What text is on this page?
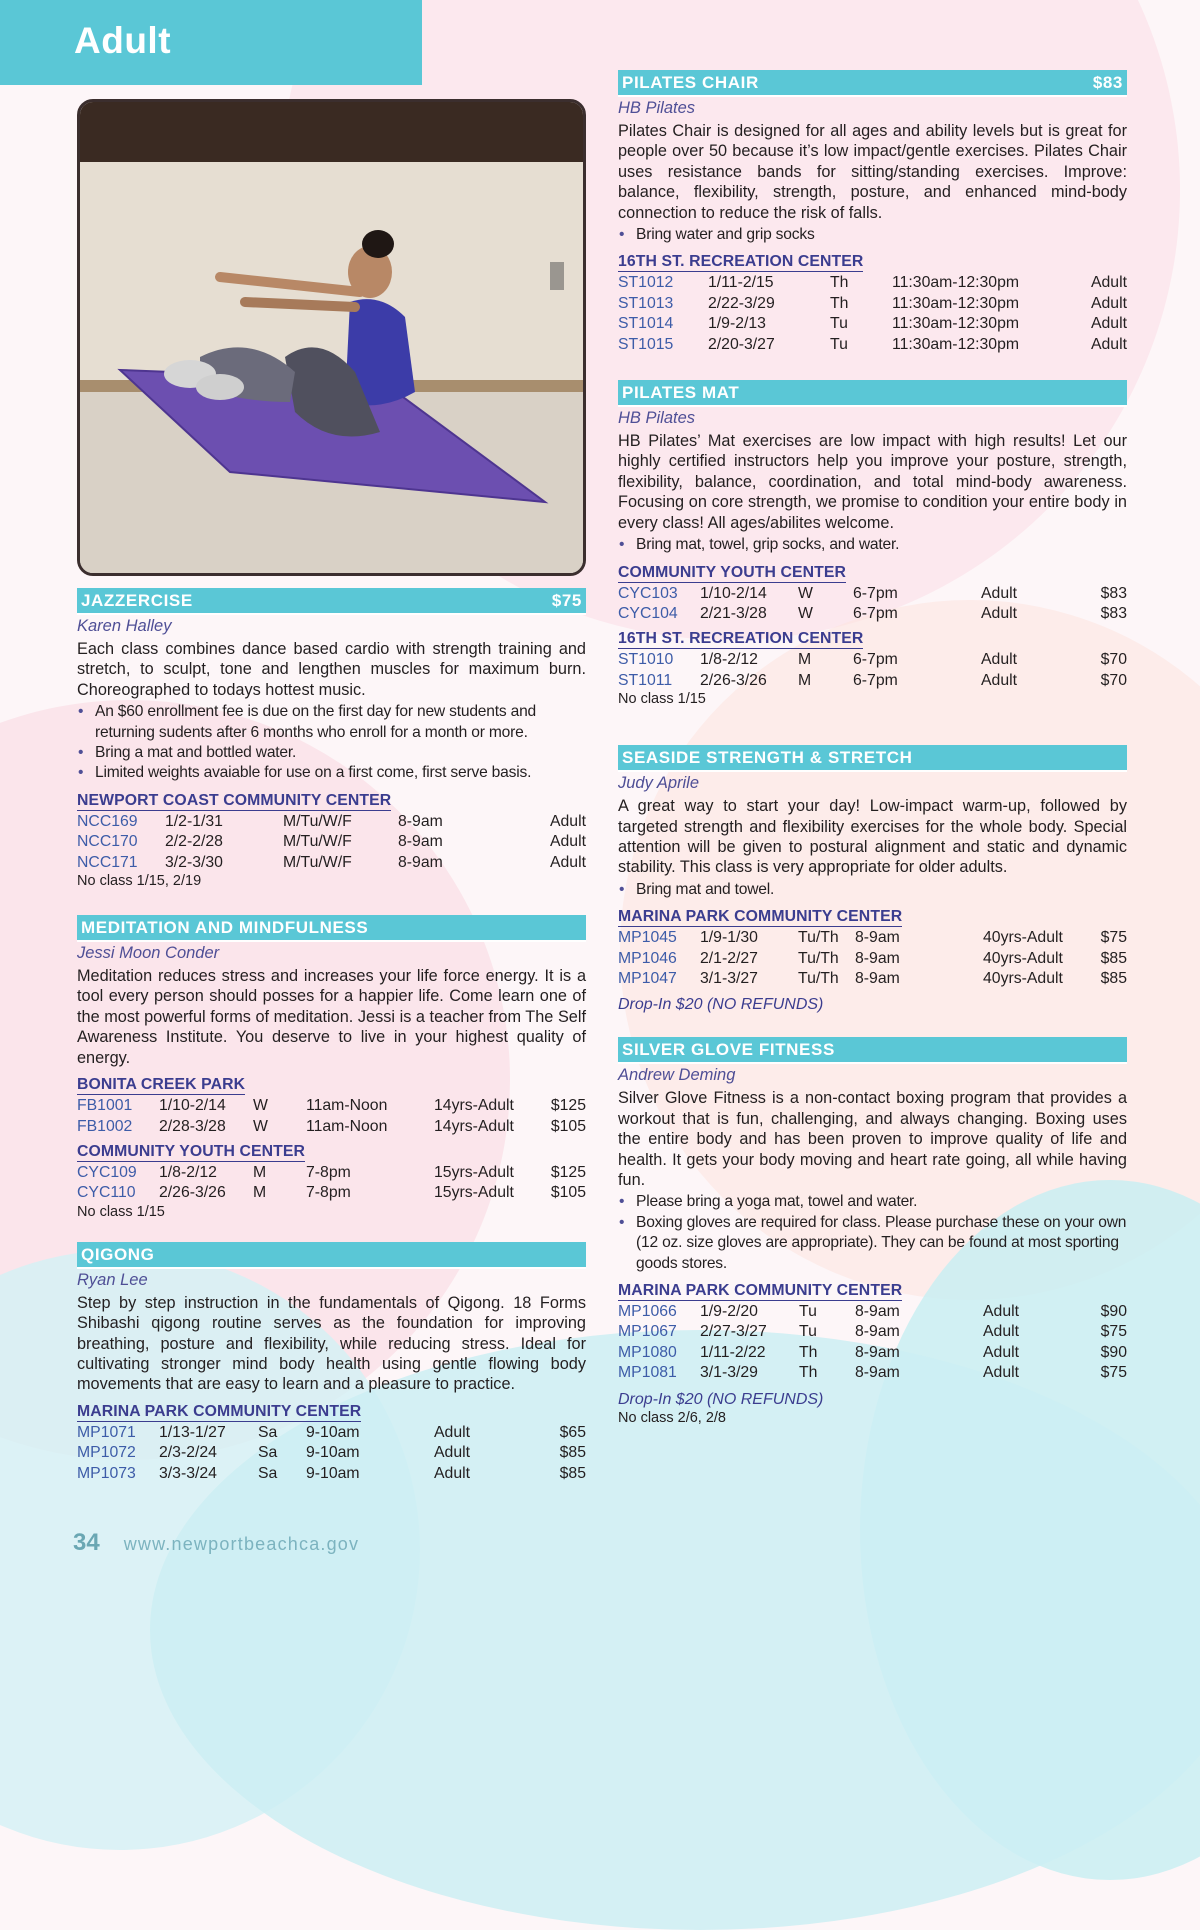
Adult
JAZZERCISE	$75
Karen Halley
Each class combines dance based cardio with strength training and stretch, to sculpt, tone and lengthen muscles for maximum burn. Choreographed to todays hottest music.
• An $60 enrollment fee is due on the first day for new students and returning sudents after 6 months who enroll for a month or more.
• Bring a mat and bottled water.
• Limited weights avaiable for use on a first come, first serve basis.
NEWPORT COAST COMMUNITY CENTER
NCC169	1/2-1/31	M/Tu/W/F	8-9am	Adult
NCC170	2/2-2/28	M/Tu/W/F	8-9am	Adult
NCC171	3/2-3/30	M/Tu/W/F	8-9am	Adult
No class 1/15, 2/19
MEDITATION AND MINDFULNESS
Jessi Moon Conder
Meditation reduces stress and increases your life force energy. It is a tool every person should posses for a happier life. Come learn one of the most powerful forms of meditation. Jessi is a teacher from The Self Awareness Institute. You deserve to live in your highest quality of energy.
BONITA CREEK PARK
FB1001	1/10-2/14	W	11am-Noon	14yrs-Adult	$125
FB1002	2/28-3/28	W	11am-Noon	14yrs-Adult	$105
COMMUNITY YOUTH CENTER
CYC109	1/8-2/12	M	7-8pm	15yrs-Adult	$125
CYC110	2/26-3/26	M	7-8pm	15yrs-Adult	$105
No class 1/15
QIGONG
Ryan Lee
Step by step instruction in the fundamentals of Qigong. 18 Forms Shibashi qigong routine serves as the foundation for improving breathing, posture and flexibility, while reducing stress. Ideal for cultivating stronger mind body health using gentle flowing body movements that are easy to learn and a pleasure to practice.
MARINA PARK COMMUNITY CENTER
MP1071	1/13-1/27	Sa	9-10am	Adult	$65
MP1072	2/3-2/24	Sa	9-10am	Adult	$85
MP1073	3/3-3/24	Sa	9-10am	Adult	$85
PILATES CHAIR	$83
HB Pilates
Pilates Chair is designed for all ages and ability levels but is great for people over 50 because it’s low impact/gentle exercises. Pilates Chair uses resistance bands for sitting/standing exercises. Improve: balance, flexibility, strength, posture, and enhanced mind-body connection to reduce the risk of falls.
• Bring water and grip socks
16TH ST. RECREATION CENTER
ST1012	1/11-2/15	Th	11:30am-12:30pm	Adult
ST1013	2/22-3/29	Th	11:30am-12:30pm	Adult
ST1014	1/9-2/13	Tu	11:30am-12:30pm	Adult
ST1015	2/20-3/27	Tu	11:30am-12:30pm	Adult
PILATES MAT
HB Pilates
HB Pilates’ Mat exercises are low impact with high results! Let our highly certified instructors help you improve your posture, strength, flexibility, balance, coordination, and total mind-body awareness. Focusing on core strength, we promise to condition your entire body in every class! All ages/abilites welcome.
• Bring mat, towel, grip socks, and water.
COMMUNITY YOUTH CENTER
CYC103	1/10-2/14	W	6-7pm	Adult	$83
CYC104	2/21-3/28	W	6-7pm	Adult	$83
16TH ST. RECREATION CENTER
ST1010	1/8-2/12	M	6-7pm	Adult	$70
ST1011	2/26-3/26	M	6-7pm	Adult	$70
No class 1/15
SEASIDE STRENGTH & STRETCH
Judy Aprile
A great way to start your day! Low-impact warm-up, followed by targeted strength and flexibility exercises for the whole body. Special attention will be given to postural alignment and static and dynamic stability. This class is very appropriate for older adults.
• Bring mat and towel.
MARINA PARK COMMUNITY CENTER
MP1045	1/9-1/30	Tu/Th	8-9am	40yrs-Adult	$75
MP1046	2/1-2/27	Tu/Th	8-9am	40yrs-Adult	$85
MP1047	3/1-3/27	Tu/Th	8-9am	40yrs-Adult	$85
Drop-In $20 (NO REFUNDS)
SILVER GLOVE FITNESS
Andrew Deming
Silver Glove Fitness is a non-contact boxing program that provides a workout that is fun, challenging, and always changing. Boxing uses the entire body and has been proven to improve quality of life and health. It gets your body moving and heart rate going, all while having fun.
• Please bring a yoga mat, towel and water.
• Boxing gloves are required for class. Please purchase these on your own (12 oz. size gloves are appropriate). They can be found at most sporting goods stores.
MARINA PARK COMMUNITY CENTER
MP1066	1/9-2/20	Tu	8-9am	Adult	$90
MP1067	2/27-3/27	Tu	8-9am	Adult	$75
MP1080	1/11-2/22	Th	8-9am	Adult	$90
MP1081	3/1-3/29	Th	8-9am	Adult	$75
Drop-In $20 (NO REFUNDS)
No class 2/6, 2/8
34 www.newportbeachca.gov
